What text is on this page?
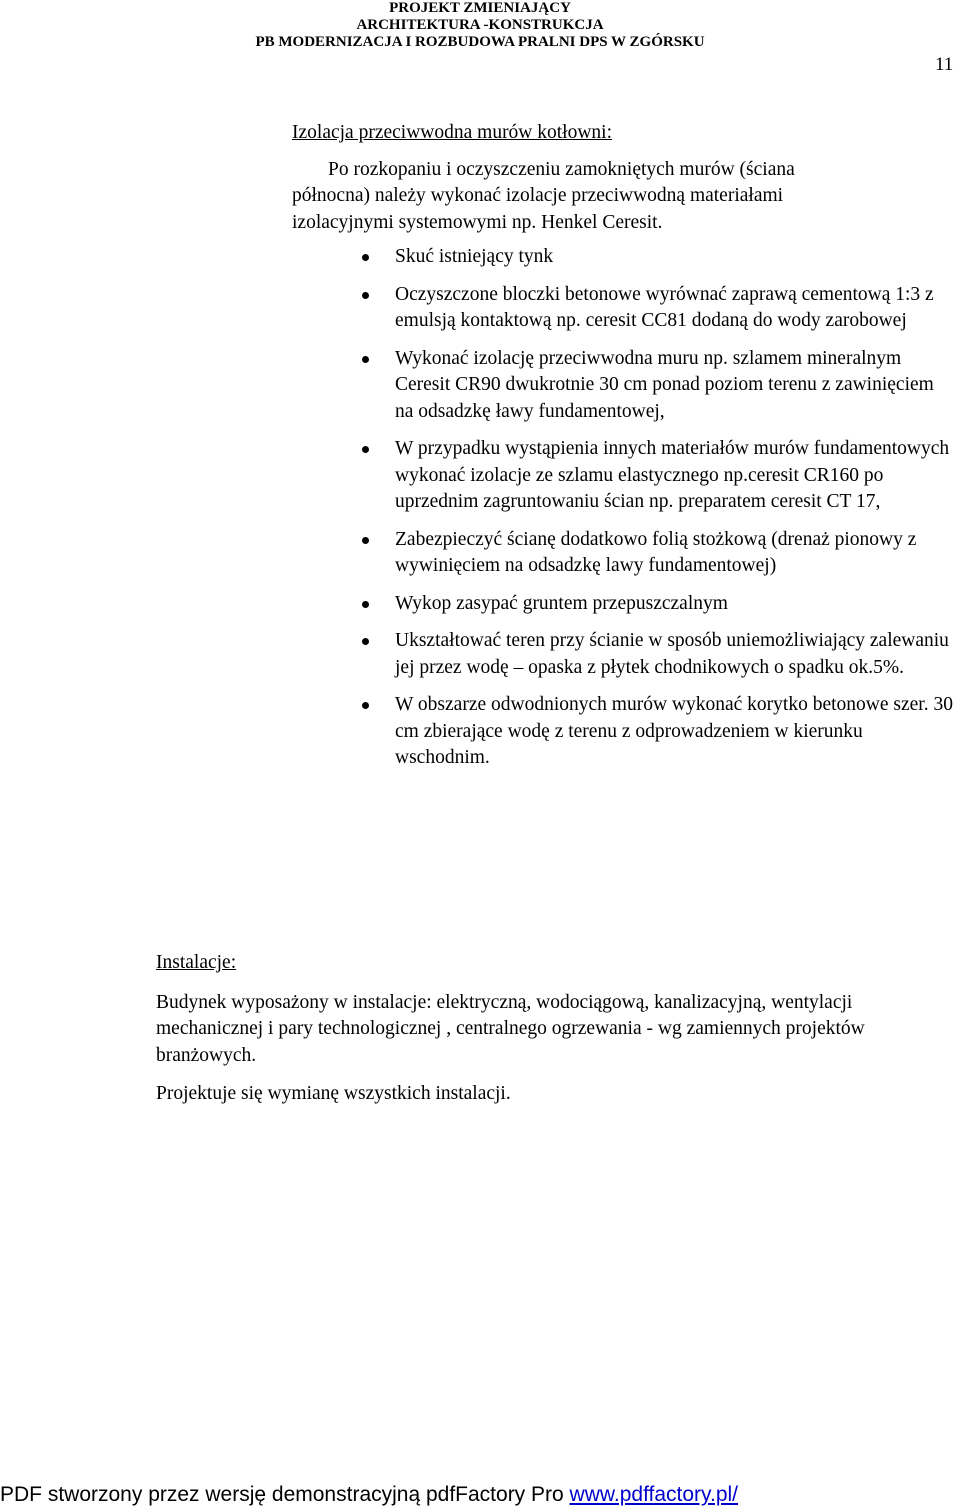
PROJEKT ZMIENIAJĄCY
ARCHITEKTURA -KONSTRUKCJA
PB MODERNIZACJA I ROZBUDOWA PRALNI DPS W ZGÓRSKU
11
Izolacja przeciwwodna murów kotłowni:
Po rozkopaniu i oczyszczeniu zamokniętych murów (ściana północna) należy wykonać izolacje przeciwwodną materiałami izolacyjnymi systemowymi np. Henkel Ceresit.
Skuć istniejący tynk
Oczyszczone bloczki betonowe wyrównać zaprawą cementową 1:3 z emulsją kontaktową np. ceresit CC81 dodaną do wody zarobowej
Wykonać izolację przeciwwodna muru np. szlamem mineralnym Ceresit CR90 dwukrotnie 30 cm ponad poziom terenu z zawinięciem na odsadzkę ławy fundamentowej,
W przypadku wystąpienia innych materiałów murów fundamentowych wykonać izolacje ze szlamu elastycznego np.ceresit CR160 po uprzednim zagruntowaniu ścian np. preparatem ceresit CT 17,
Zabezpieczyć ścianę dodatkowo folią stożkową (drenaż pionowy z wywinięciem na odsadzkę lawy fundamentowej)
Wykop zasypać gruntem przepuszczalnym
Ukształtować teren przy ścianie w sposób uniemożliwiający zalewaniu jej przez wodę – opaska z płytek chodnikowych o spadku ok.5%.
W obszarze odwodnionych murów wykonać korytko betonowe szer. 30 cm zbierające wodę z terenu z odprowadzeniem w kierunku wschodnim.
Instalacje:

Budynek wyposażony w instalacje: elektryczną, wodociągową, kanalizacyjną, wentylacji mechanicznej i pary technologicznej , centralnego ogrzewania - wg zamiennych projektów branżowych.

Projektuje się wymianę wszystkich instalacji.

PDF stworzony przez wersję demonstracyjną pdfFactory Pro www.pdffactory.pl/
